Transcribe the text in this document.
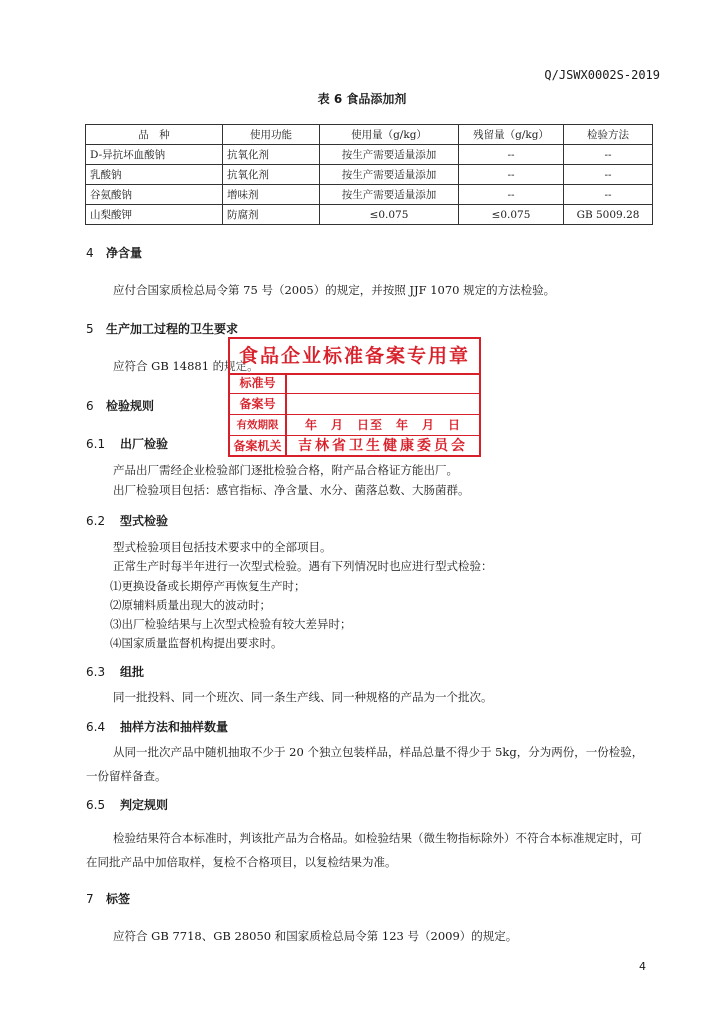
Q/JSWX0002S-2019
表 6 食品添加剂
品　种	使用功能	使用量（g/kg）	残留量（g/kg）	检验方法
D-异抗坏血酸钠	抗氧化剂	按生产需要适量添加	--	--
乳酸钠	抗氧化剂	按生产需要适量添加	--	--
谷氨酸钠	增味剂	按生产需要适量添加	--	--
山梨酸钾	防腐剂	≤0.075	≤0.075	GB 5009.28
4 净含量
应付合国家质检总局令第 75 号（2005）的规定，并按照 JJF 1070 规定的方法检验。
5 生产加工过程的卫生要求
应符合 GB 14881 的规定。
6 检验规则
6.1 出厂检验
产品出厂需经企业检验部门逐批检验合格，附产品合格证方能出厂。
出厂检验项目包括：感官指标、净含量、水分、菌落总数、大肠菌群。
6.2 型式检验
型式检验项目包括技术要求中的全部项目。
正常生产时每半年进行一次型式检验。遇有下列情况时也应进行型式检验：
⑴更换设备或长期停产再恢复生产时；
⑵原辅料质量出现大的波动时；
⑶出厂检验结果与上次型式检验有较大差异时；
⑷国家质量监督机构提出要求时。
6.3 组批
同一批投料、同一个班次、同一条生产线、同一种规格的产品为一个批次。
6.4 抽样方法和抽样数量
从同一批次产品中随机抽取不少于 20 个独立包装样品，样品总量不得少于 5kg，分为两份，一份检验，一份留样备查。
6.5 判定规则
检验结果符合本标准时，判该批产品为合格品。如检验结果（微生物指标除外）不符合本标准规定时，可在同批产品中加倍取样，复检不合格项目，以复检结果为准。
7 标签
应符合 GB 7718、GB 28050 和国家质检总局令第 123 号（2009）的规定。
食品企业标准备案专用章
标准号
备案号
有效期限	年　月　日至　年　月　日
备案机关	吉林省卫生健康委员会
4
